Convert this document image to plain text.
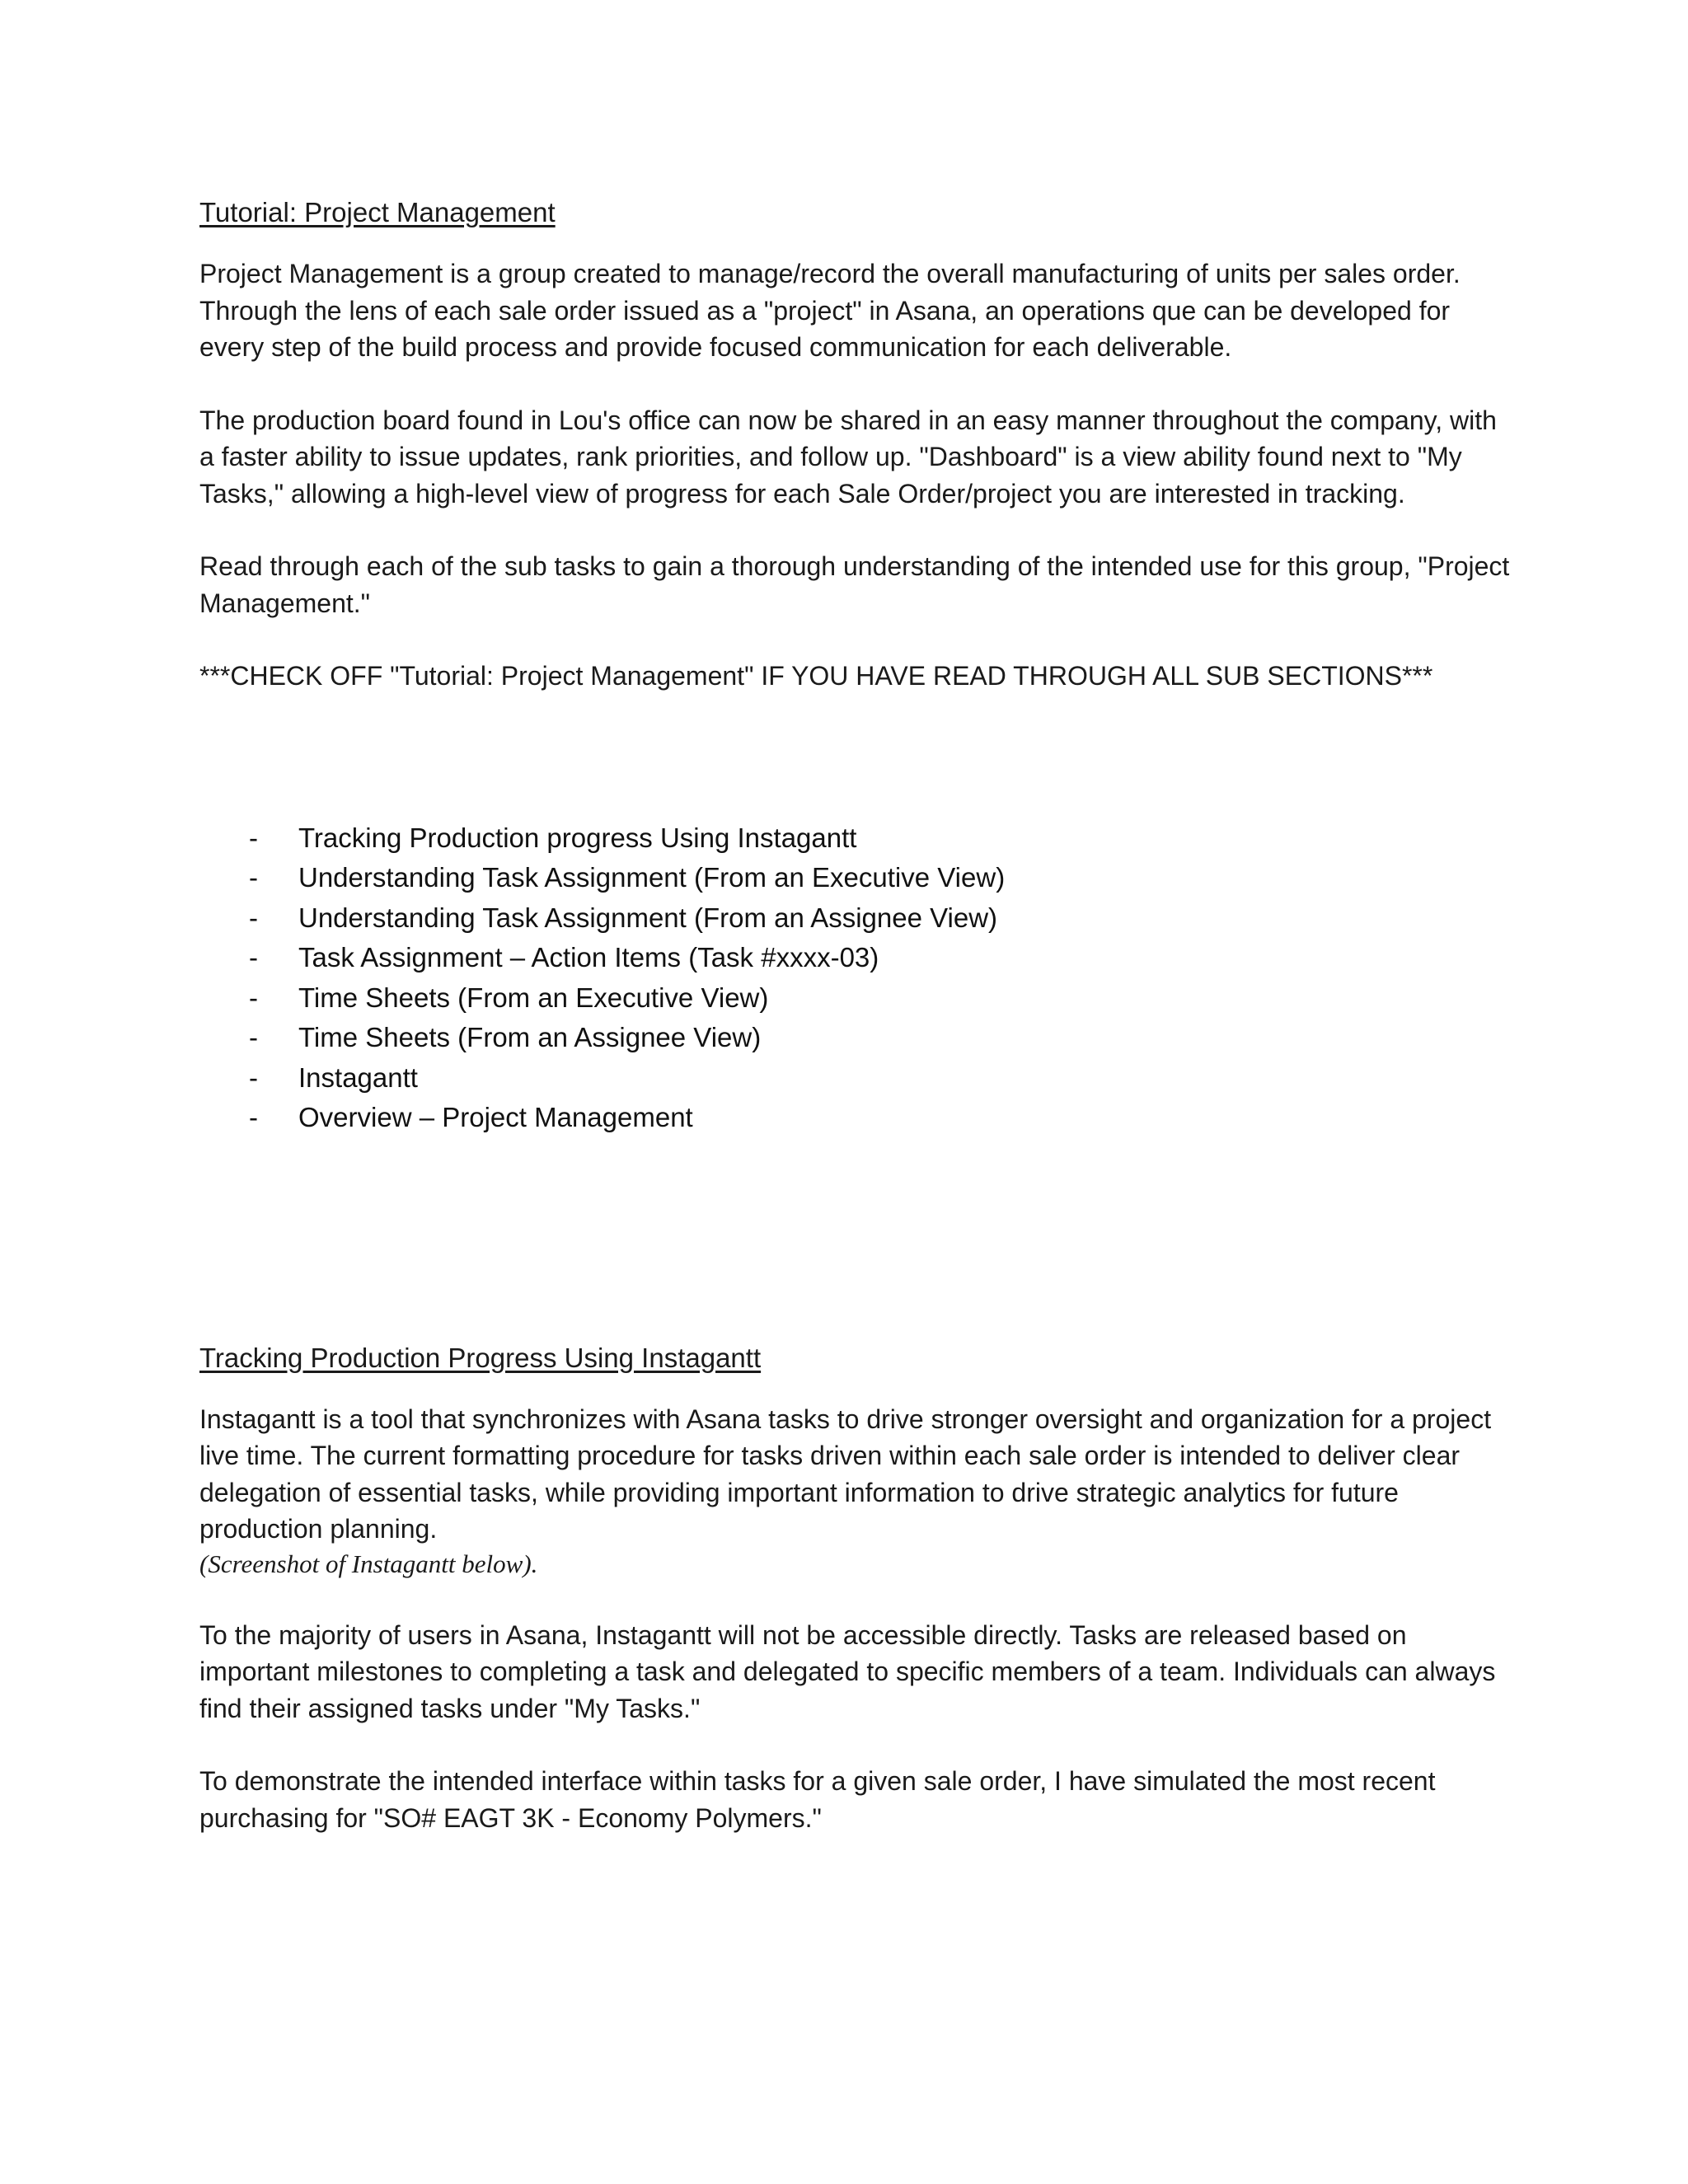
Tutorial: Project Management

Project Management is a group created to manage/record the overall manufacturing of units per sales order. Through the lens of each sale order issued as a "project" in Asana, an operations que can be developed for every step of the build process and provide focused communication for each deliverable.

The production board found in Lou's office can now be shared in an easy manner throughout the company, with a faster ability to issue updates, rank priorities, and follow up. "Dashboard" is a view ability found next to "My Tasks," allowing a high-level view of progress for each Sale Order/project you are interested in tracking.

Read through each of the sub tasks to gain a thorough understanding of the intended use for this group, "Project Management."

***CHECK OFF "Tutorial: Project Management" IF YOU HAVE READ THROUGH ALL SUB SECTIONS***

- Tracking Production progress Using Instagantt
- Understanding Task Assignment (From an Executive View)
- Understanding Task Assignment (From an Assignee View)
- Task Assignment – Action Items (Task #xxxx-03)
- Time Sheets (From an Executive View)
- Time Sheets (From an Assignee View)
- Instagantt
- Overview – Project Management

Tracking Production Progress Using Instagantt

Instagantt is a tool that synchronizes with Asana tasks to drive stronger oversight and organization for a project live time. The current formatting procedure for tasks driven within each sale order is intended to deliver clear delegation of essential tasks, while providing important information to drive strategic analytics for future production planning.

(Screenshot of Instagantt below).

To the majority of users in Asana, Instagantt will not be accessible directly. Tasks are released based on important milestones to completing a task and delegated to specific members of a team. Individuals can always find their assigned tasks under "My Tasks."

To demonstrate the intended interface within tasks for a given sale order, I have simulated the most recent purchasing for "SO# EAGT 3K - Economy Polymers."
